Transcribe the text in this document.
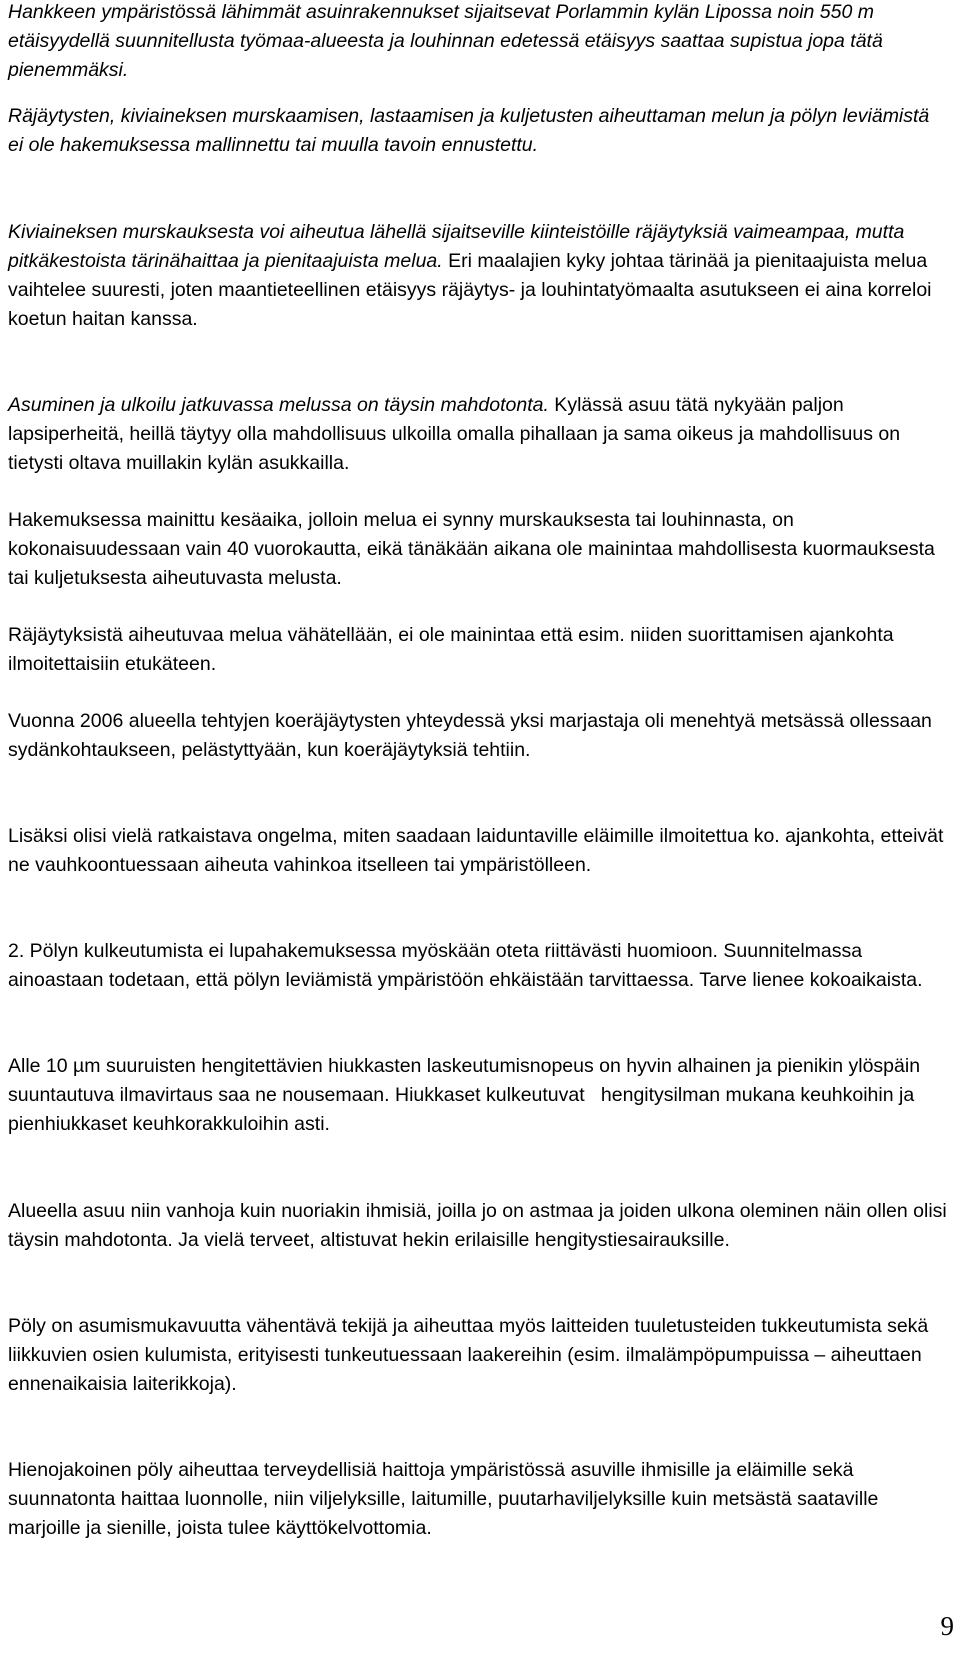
Hankkeen ympäristössä lähimmät asuinrakennukset sijaitsevat Porlammin kylän Lipossa noin 550 m etäisyydellä suunnitellusta työmaa-alueesta ja louhinnan edetessä etäisyys saattaa supistua jopa tätä pienemmäksi.

Räjäytysten, kiviaineksen murskaamisen, lastaamisen ja kuljetusten aiheuttaman melun ja pölyn leviämistä ei ole hakemuksessa mallinnettu tai muulla tavoin ennustettu.

Kiviaineksen murskauksesta voi aiheutua lähellä sijaitseville kiinteistöille räjäytyksiä vaimeampaa, mutta pitkäkestoista tärinähaittaa ja pienitaajuista melua. Eri maalajien kyky johtaa tärinää ja pienitaajuista melua vaihtelee suuresti, joten maantieteellinen etäisyys räjäytys- ja louhintatyömaalta asutukseen ei aina korreloi koetun haitan kanssa.

Asuminen ja ulkoilu jatkuvassa melussa on täysin mahdotonta. Kylässä asuu tätä nykyään paljon lapsiperheitä, heillä täytyy olla mahdollisuus ulkoilla omalla pihallaan ja sama oikeus ja mahdollisuus on tietysti oltava muillakin kylän asukkailla.

Hakemuksessa mainittu kesäaika, jolloin melua ei synny murskauksesta tai louhinnasta, on kokonaisuudessaan vain 40 vuorokautta, eikä tänäkään aikana ole mainintaa mahdollisesta kuormauksesta tai kuljetuksesta aiheutuvasta melusta.

Räjäytyksistä aiheutuvaa melua vähätellään, ei ole mainintaa että esim. niiden suorittamisen ajankohta ilmoitettaisiin etukäteen.

Vuonna 2006 alueella tehtyjen koeräjäytysten yhteydessä yksi marjastaja oli menehtyä metsässä ollessaan sydänkohtaukseen, pelästyttyään, kun koeräjäytyksiä tehtiin.

Lisäksi olisi vielä ratkaistava ongelma, miten saadaan laiduntaville eläimille ilmoitettua ko. ajankohta, etteivät ne vauhkoontuessaan aiheuta vahinkoa itselleen tai ympäristölleen.

2. Pölyn kulkeutumista ei lupahakemuksessa myöskään oteta riittävästi huomioon. Suunnitelmassa ainoastaan todetaan, että pölyn leviämistä ympäristöön ehkäistään tarvittaessa. Tarve lienee kokoaikaista.

Alle 10 µm suuruisten hengitettävien hiukkasten laskeutumisnopeus on hyvin alhainen ja pienikin ylöspäin suuntautuva ilmavirtaus saa ne nousemaan. Hiukkaset kulkeutuvat   hengitysilman mukana keuhkoihin ja pienhiukkaset keuhkorakkuloihin asti.

Alueella asuu niin vanhoja kuin nuoriakin ihmisiä, joilla jo on astmaa ja joiden ulkona oleminen näin ollen olisi täysin mahdotonta. Ja vielä terveet, altistuvat hekin erilaisille hengitystiesairauksille.

Pöly on asumismukavuutta vähentävä tekijä ja aiheuttaa myös laitteiden tuuletusteiden tukkeutumista sekä liikkuvien osien kulumista, erityisesti tunkeutuessaan laakereihin (esim. ilmalämpöpumpuissa – aiheuttaen ennenaikaisia laiterikkoja).

Hienojakoinen pöly aiheuttaa terveydellisiä haittoja ympäristössä asuville ihmisille ja eläimille sekä suunnatonta haittaa luonnolle, niin viljelyksille, laitumille, puutarhaviljelyksille kuin metsästä saataville marjoille ja sienille, joista tulee käyttökelvottomia.

9
